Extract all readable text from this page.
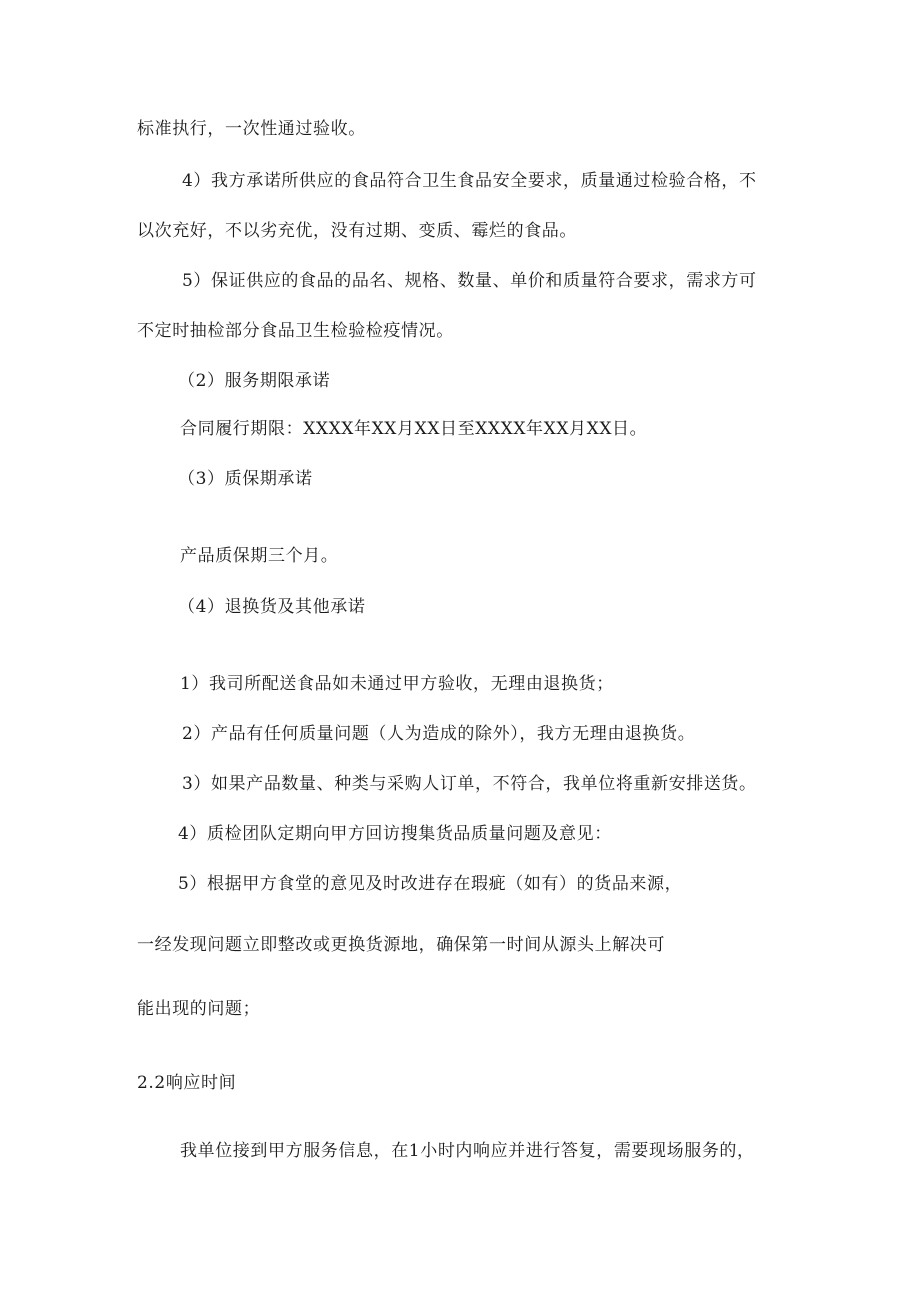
标准执行，一次性通过验收。

4）我方承诺所供应的食品符合卫生食品安全要求，质量通过检验合格，不

以次充好，不以劣充优，没有过期、变质、霉烂的食品。

5）保证供应的食品的品名、规格、数量、单价和质量符合要求，需求方可

不定时抽检部分食品卫生检验检疫情况。

（2）服务期限承诺

合同履行期限：XXXX年XX月XX日至XXXX年XX月XX日。

（3）质保期承诺

产品质保期三个月。

（4）退换货及其他承诺

1）我司所配送食品如未通过甲方验收，无理由退换货；

2）产品有任何质量问题（人为造成的除外），我方无理由退换货。

3）如果产品数量、种类与采购人订单，不符合，我单位将重新安排送货。

4）质检团队定期向甲方回访搜集货品质量问题及意见：

5）根据甲方食堂的意见及时改进存在瑕疵（如有）的货品来源，

一经发现问题立即整改或更换货源地，确保第一时间从源头上解决可

能出现的问题；

2.2响应时间

我单位接到甲方服务信息，在1小时内响应并进行答复，需要现场服务的，
